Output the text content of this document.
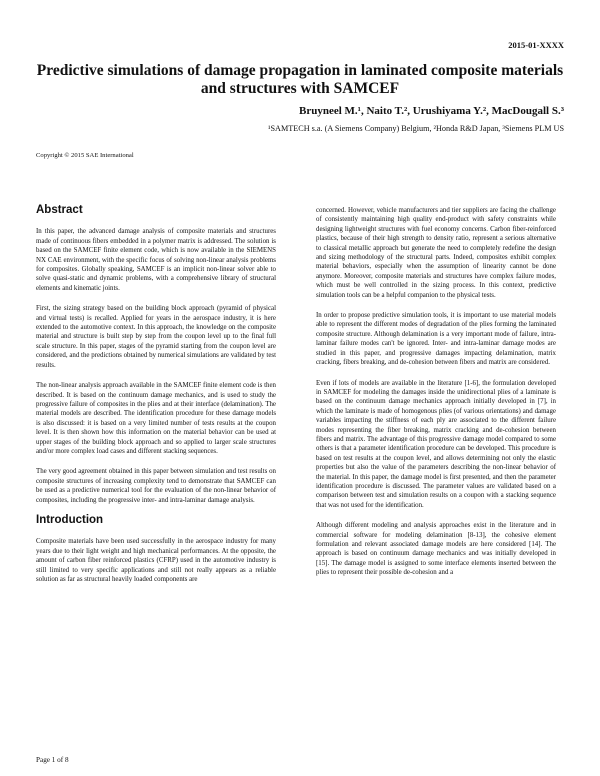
2015-01-XXXX
Predictive simulations of damage propagation in laminated composite materials and structures with SAMCEF
Bruyneel M.¹, Naito T.², Urushiyama Y.², MacDougall S.³
¹SAMTECH s.a. (A Siemens Company) Belgium, ²Honda R&D Japan, ³Siemens PLM US
Copyright © 2015 SAE International
Abstract

In this paper, the advanced damage analysis of composite materials and structures made of continuous fibers embedded in a polymer matrix is addressed. The solution is based on the SAMCEF finite element code, which is now available in the SIEMENS NX CAE environment, with the specific focus of solving non-linear analysis problems for composites. Globally speaking, SAMCEF is an implicit non-linear solver able to solve quasi-static and dynamic problems, with a comprehensive library of structural elements and kinematic joints.

First, the sizing strategy based on the building block approach (pyramid of physical and virtual tests) is recalled. Applied for years in the aerospace industry, it is here extended to the automotive context. In this approach, the knowledge on the composite material and structure is built step by step from the coupon level up to the final full scale structure. In this paper, stages of the pyramid starting from the coupon level are considered, and the predictions obtained by numerical simulations are validated by test results.

The non-linear analysis approach available in the SAMCEF finite element code is then described. It is based on the continuum damage mechanics, and is used to study the progressive failure of composites in the plies and at their interface (delamination). The material models are described. The identification procedure for these damage models is also discussed: it is based on a very limited number of tests results at the coupon level. It is then shown how this information on the material behavior can be used at upper stages of the building block approach and so applied to larger scale structures and/or more complex load cases and different stacking sequences.

The very good agreement obtained in this paper between simulation and test results on composite structures of increasing complexity tend to demonstrate that SAMCEF can be used as a predictive numerical tool for the evaluation of the non-linear behavior of composites, including the progressive inter- and intra-laminar damage analysis.

Introduction

Composite materials have been used successfully in the aerospace industry for many years due to their light weight and high mechanical performances. At the opposite, the amount of carbon fiber reinforced plastics (CFRP) used in the automotive industry is still limited to very specific applications and still not really appears as a reliable solution as far as structural heavily loaded components are

concerned. However, vehicle manufacturers and tier suppliers are facing the challenge of consistently maintaining high quality end-product with safety constraints while designing lightweight structures with fuel economy concerns. Carbon fiber-reinforced plastics, because of their high strength to density ratio, represent a serious alternative to classical metallic approach but generate the need to completely redefine the design and sizing methodology of the structural parts. Indeed, composites exhibit complex material behaviors, especially when the assumption of linearity cannot be done anymore. Moreover, composite materials and structures have complex failure modes, which must be well controlled in the sizing process. In this context, predictive simulation tools can be a helpful companion to the physical tests.

In order to propose predictive simulation tools, it is important to use material models able to represent the different modes of degradation of the plies forming the laminated composite structure. Although delamination is a very important mode of failure, intra-laminar failure modes can't be ignored. Inter- and intra-laminar damage modes are studied in this paper, and progressive damages impacting delamination, matrix cracking, fibers breaking, and de-cohesion between fibers and matrix are considered.

Even if lots of models are available in the literature [1-6], the formulation developed in SAMCEF for modeling the damages inside the unidirectional plies of a laminate is based on the continuum damage mechanics approach initially developed in [7], in which the laminate is made of homogenous plies (of various orientations) and damage variables impacting the stiffness of each ply are associated to the different failure modes representing the fiber breaking, matrix cracking and de-cohesion between fibers and matrix. The advantage of this progressive damage model compared to some others is that a parameter identification procedure can be developed. This procedure is based on test results at the coupon level, and allows determining not only the elastic properties but also the value of the parameters describing the non-linear behavior of the material. In this paper, the damage model is first presented, and then the parameter identification procedure is discussed. The parameter values are validated based on a comparison between test and simulation results on a coupon with a stacking sequence that was not used for the identification.

Although different modeling and analysis approaches exist in the literature and in commercial software for modeling delamination [8-13], the cohesive element formulation and relevant associated damage models are here considered [14]. The approach is based on continuum damage mechanics and was initially developed in [15]. The damage model is assigned to some interface elements inserted between the plies to represent their possible de-cohesion and a

Page 1 of 8
